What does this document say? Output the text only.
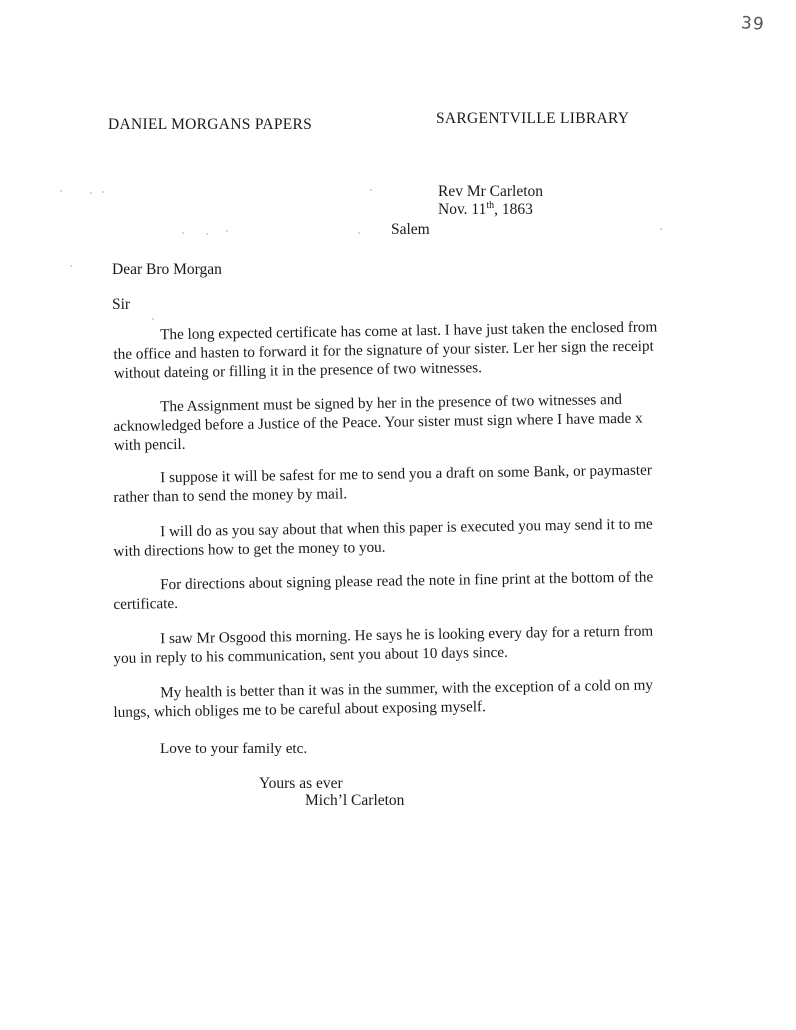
39
DANIEL MORGANS PAPERS	SARGENTVILLE LIBRARY
Rev Mr Carleton
Nov. 11th, 1863
Salem
Dear Bro Morgan
Sir

The long expected certificate has come at last. I have just taken the enclosed from the office and hasten to forward it for the signature of your sister. Ler her sign the receipt without dateing or filling it in the presence of two witnesses.

The Assignment must be signed by her in the presence of two witnesses and acknowledged before a Justice of the Peace. Your sister must sign where I have made x with pencil.

I suppose it will be safest for me to send you a draft on some Bank, or paymaster rather than to send the money by mail.

I will do as you say about that when this paper is executed you may send it to me with directions how to get the money to you.

For directions about signing please read the note in fine print at the bottom of the certificate.

I saw Mr Osgood this morning. He says he is looking every day for a return from you in reply to his communication, sent you about 10 days since.

My health is better than it was in the summer, with the exception of a cold on my lungs, which obliges me to be careful about exposing myself.

Love to your family etc.

Yours as ever
Mich’l Carleton
